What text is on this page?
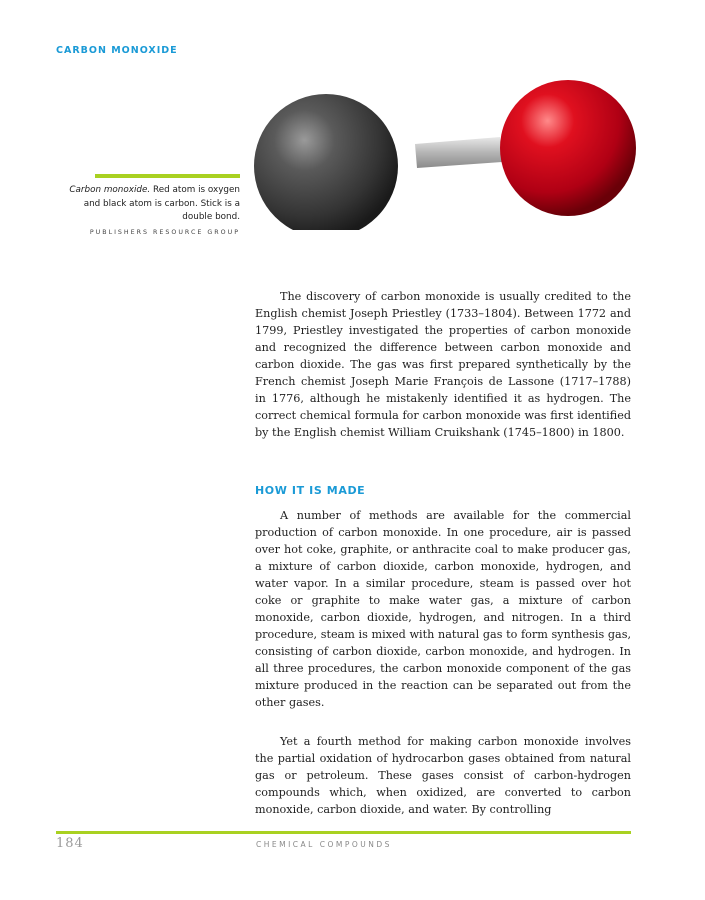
CARBON MONOXIDE
Carbon monoxide. Red atom is oxygen and black atom is carbon. Stick is a double bond.
PUBLISHERS RESOURCE GROUP

The discovery of carbon monoxide is usually credited to the English chemist Joseph Priestley (1733–1804). Between 1772 and 1799, Priestley investigated the properties of carbon monoxide and recognized the difference between carbon monoxide and carbon dioxide. The gas was first prepared synthetically by the French chemist Joseph Marie François de Lassone (1717–1788) in 1776, although he mistakenly identified it as hydrogen. The correct chemical formula for carbon monoxide was first identified by the English chemist William Cruikshank (1745–1800) in 1800.

HOW IT IS MADE

A number of methods are available for the commercial production of carbon monoxide. In one procedure, air is passed over hot coke, graphite, or anthracite coal to make producer gas, a mixture of carbon dioxide, carbon monoxide, hydrogen, and water vapor. In a similar procedure, steam is passed over hot coke or graphite to make water gas, a mixture of carbon monoxide, carbon dioxide, hydrogen, and nitrogen. In a third procedure, steam is mixed with natural gas to form synthesis gas, consisting of carbon dioxide, carbon monoxide, and hydrogen. In all three procedures, the carbon monoxide component of the gas mixture produced in the reaction can be separated out from the other gases.

Yet a fourth method for making carbon monoxide involves the partial oxidation of hydrocarbon gases obtained from natural gas or petroleum. These gases consist of carbon-hydrogen compounds which, when oxidized, are converted to carbon monoxide, carbon dioxide, and water. By controlling

184	CHEMICAL COMPOUNDS
